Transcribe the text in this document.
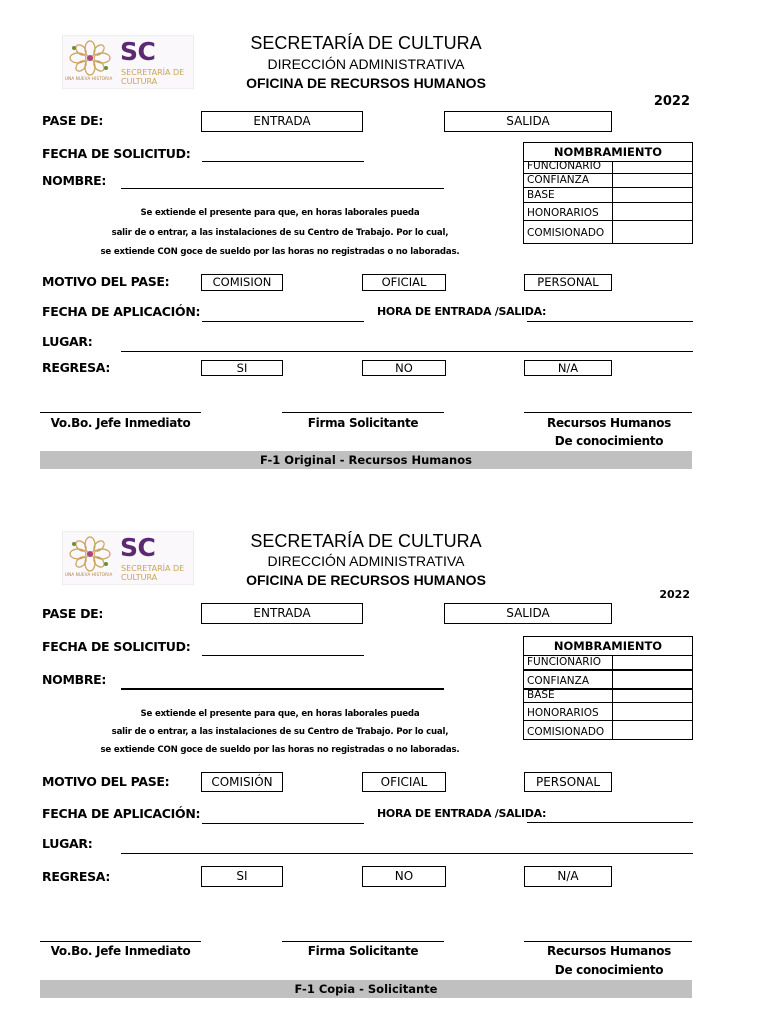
UNA NUEVA HISTORIA
SC
SECRETARÍA DE
CULTURA
SECRETARÍA DE CULTURA
DIRECCIÓN ADMINISTRATIVA
OFICINA DE RECURSOS HUMANOS
2022
PASE DE:	ENTRADA	SALIDA
FECHA DE SOLICITUD:	NOMBRAMIENTO
FUNCIONARIO
CONFIANZA
BASE
HONORARIOS
COMISIONADO
NOMBRE:
Se extiende el presente para que, en horas laborales pueda
salir de o entrar, a las instalaciones de su Centro de Trabajo. Por lo cual,
se extiende CON goce de sueldo por las horas no registradas o no laboradas.
MOTIVO DEL PASE:	COMISION	OFICIAL	PERSONAL
FECHA DE APLICACIÓN:	HORA DE ENTRADA /SALIDA:
LUGAR:
REGRESA:	SI	NO	N/A
Vo.Bo. Jefe Inmediato	Firma Solicitante	Recursos Humanos
De conocimiento
F-1 Original - Recursos Humanos
UNA NUEVA HISTORIA
SC
SECRETARÍA DE
CULTURA
SECRETARÍA DE CULTURA
DIRECCIÓN ADMINISTRATIVA
OFICINA DE RECURSOS HUMANOS
2022
PASE DE:	ENTRADA	SALIDA
FECHA DE SOLICITUD:	NOMBRAMIENTO
FUNCIONARIO
CONFIANZA
BASE
HONORARIOS
COMISIONADO
NOMBRE:
Se extiende el presente para que, en horas laborales pueda
salir de o entrar, a las instalaciones de su Centro de Trabajo. Por lo cual,
se extiende CON goce de sueldo por las horas no registradas o no laboradas.
MOTIVO DEL PASE:	COMISIÓN	OFICIAL	PERSONAL
FECHA DE APLICACIÓN:	HORA DE ENTRADA /SALIDA:
LUGAR:
REGRESA:	SI	NO	N/A
Vo.Bo. Jefe Inmediato	Firma Solicitante	Recursos Humanos
De conocimiento
F-1 Copia - Solicitante
